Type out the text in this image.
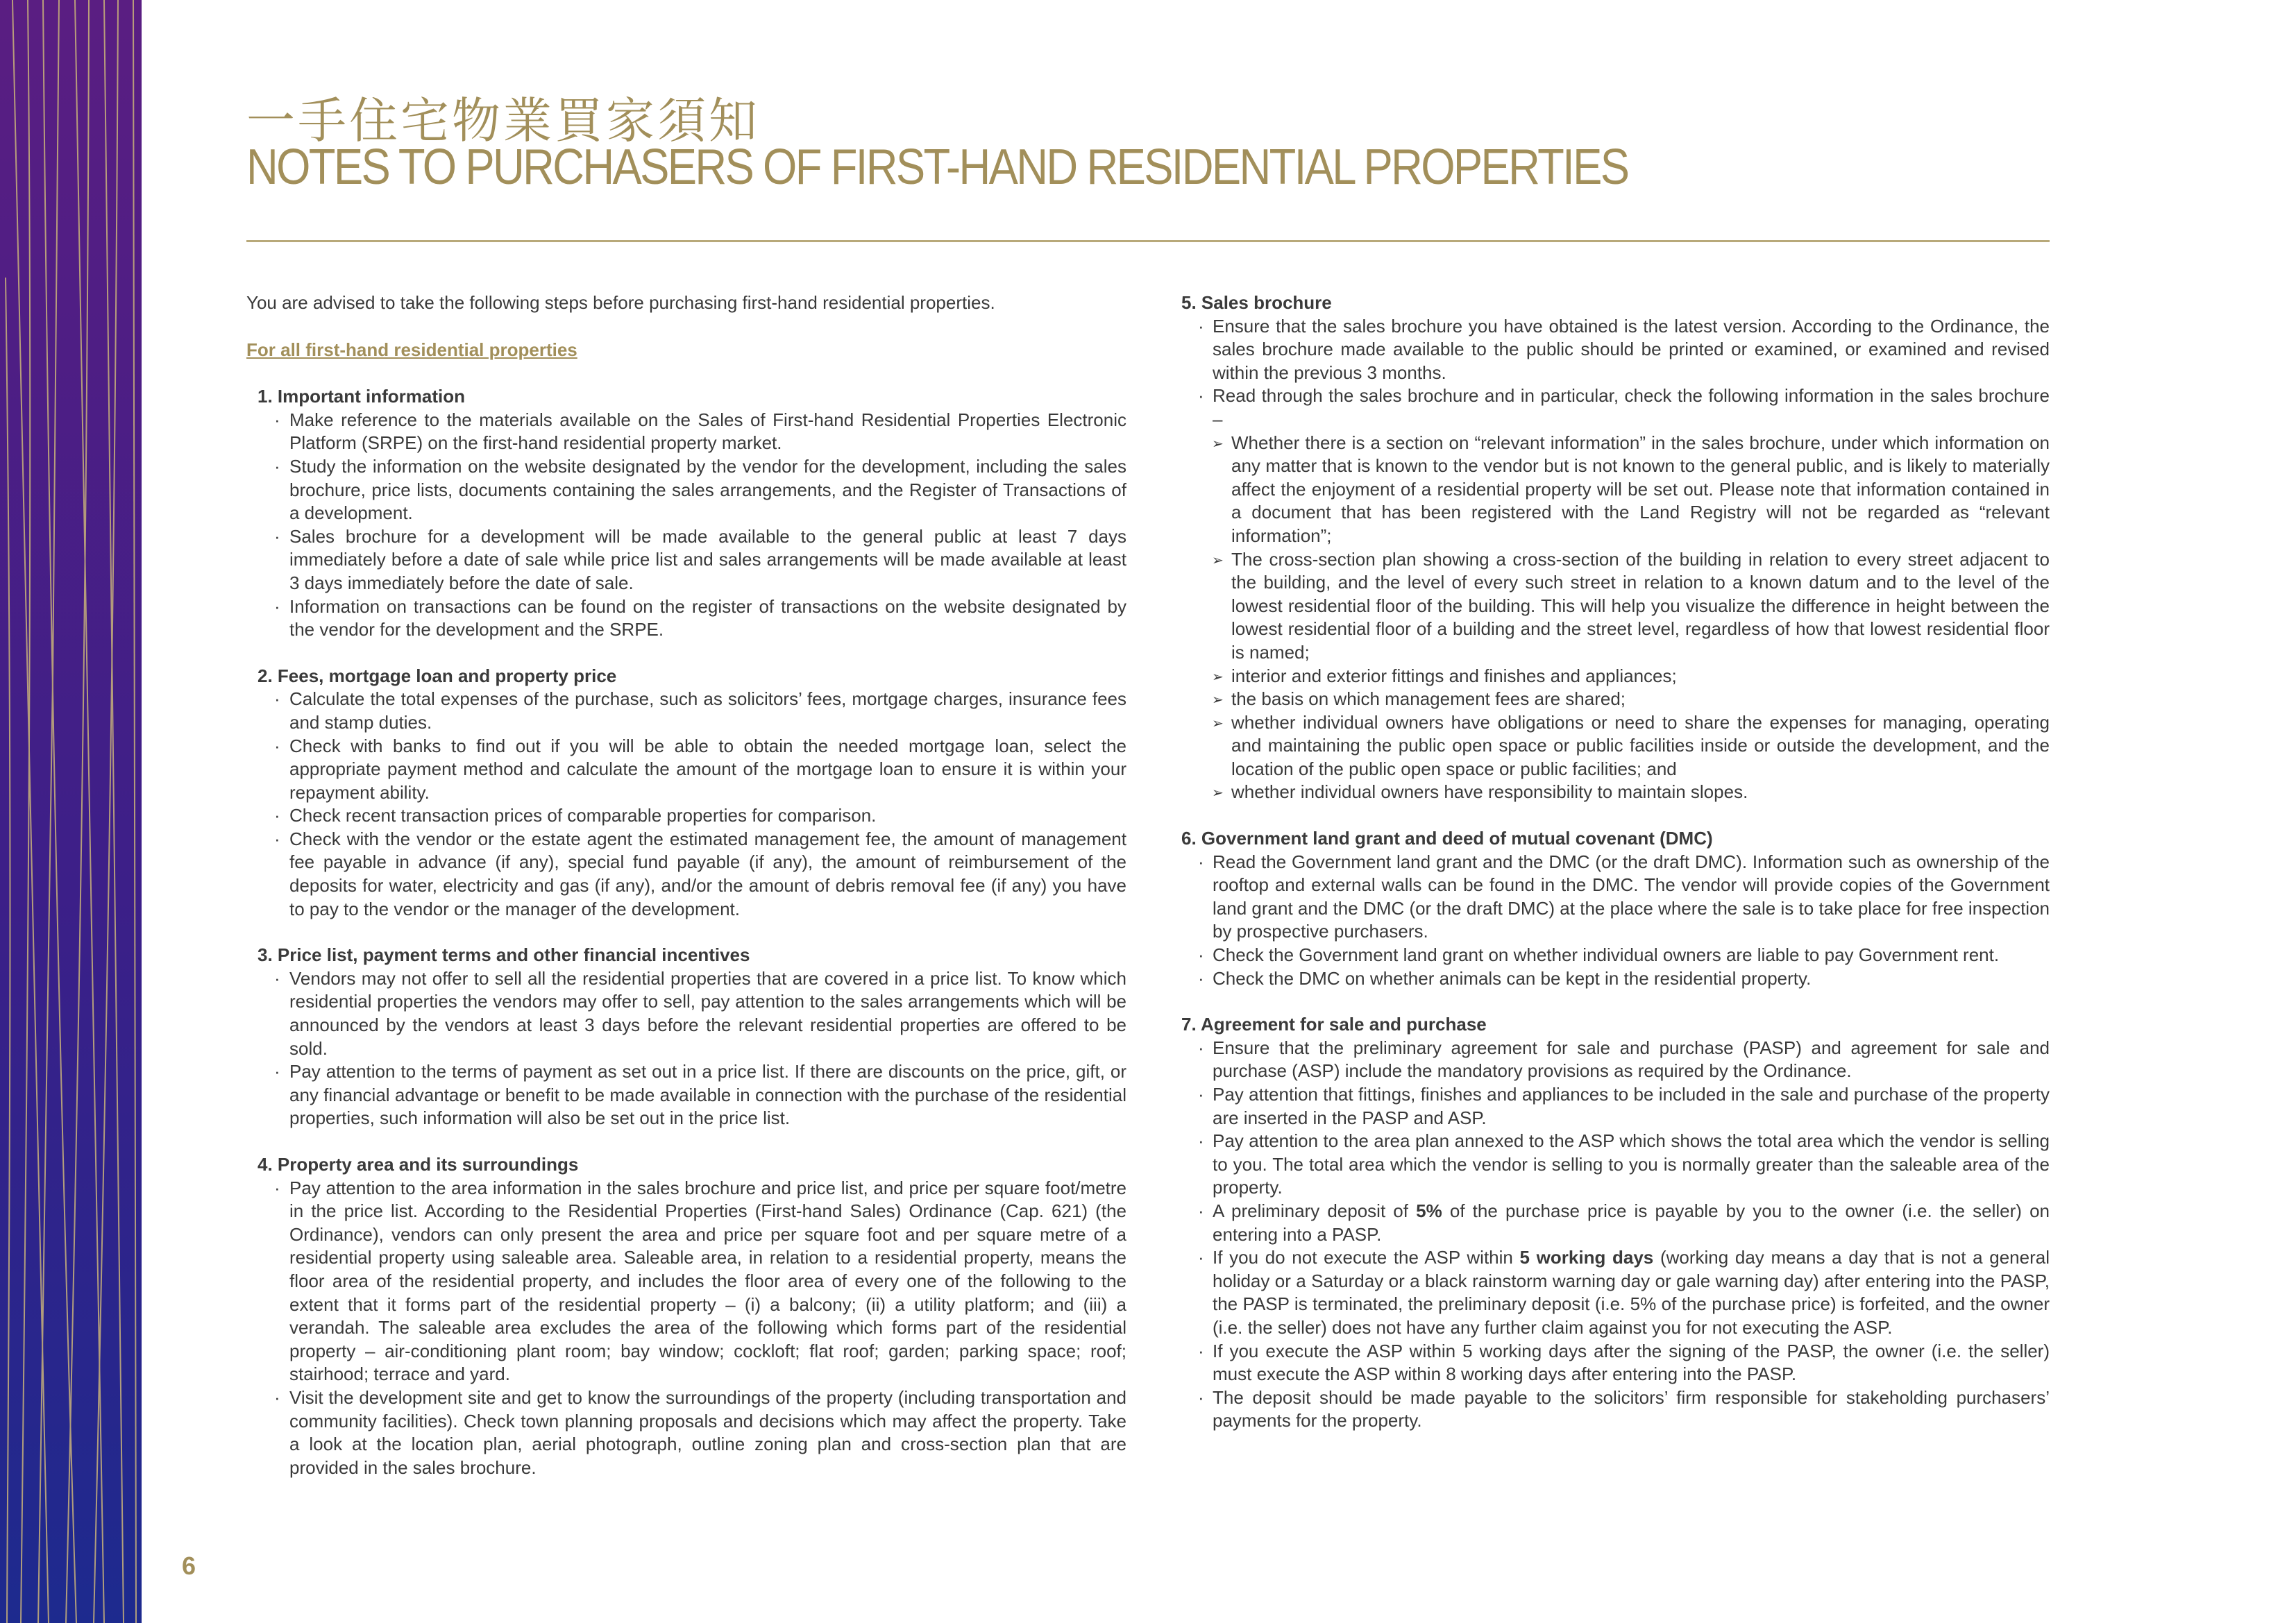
一手住宅物業買家須知
NOTES TO PURCHASERS OF FIRST-HAND RESIDENTIAL PROPERTIES

You are advised to take the following steps before purchasing first-hand residential properties.

For all first-hand residential properties

1. Important information

· Make reference to the materials available on the Sales of First-hand Residential Properties Electronic Platform (SRPE) on the first-hand residential property market.
· Study the information on the website designated by the vendor for the development, including the sales brochure, price lists, documents containing the sales arrangements, and the Register of Transactions of a development.
· Sales brochure for a development will be made available to the general public at least 7 days immediately before a date of sale while price list and sales arrangements will be made available at least 3 days immediately before the date of sale.
· Information on transactions can be found on the register of transactions on the website designated by the vendor for the development and the SRPE.

2. Fees, mortgage loan and property price

· Calculate the total expenses of the purchase, such as solicitors’ fees, mortgage charges, insurance fees and stamp duties.
· Check with banks to find out if you will be able to obtain the needed mortgage loan, select the appropriate payment method and calculate the amount of the mortgage loan to ensure it is within your repayment ability.
· Check recent transaction prices of comparable properties for comparison.
· Check with the vendor or the estate agent the estimated management fee, the amount of management fee payable in advance (if any), special fund payable (if any), the amount of reimbursement of the deposits for water, electricity and gas (if any), and/or the amount of debris removal fee (if any) you have to pay to the vendor or the manager of the development.

3. Price list, payment terms and other financial incentives

· Vendors may not offer to sell all the residential properties that are covered in a price list. To know which residential properties the vendors may offer to sell, pay attention to the sales arrangements which will be announced by the vendors at least 3 days before the relevant residential properties are offered to be sold.
· Pay attention to the terms of payment as set out in a price list. If there are discounts on the price, gift, or any financial advantage or benefit to be made available in connection with the purchase of the residential properties, such information will also be set out in the price list.

4. Property area and its surroundings

· Pay attention to the area information in the sales brochure and price list, and price per square foot/metre in the price list. According to the Residential Properties (First-hand Sales) Ordinance (Cap. 621) (the Ordinance), vendors can only present the area and price per square foot and per square metre of a residential property using saleable area. Saleable area, in relation to a residential property, means the floor area of the residential property, and includes the floor area of every one of the following to the extent that it forms part of the residential property – (i) a balcony; (ii) a utility platform; and (iii) a verandah. The saleable area excludes the area of the following which forms part of the residential property – air-conditioning plant room; bay window; cockloft; flat roof; garden; parking space; roof; stairhood; terrace and yard.
· Visit the development site and get to know the surroundings of the property (including transportation and community facilities). Check town planning proposals and decisions which may affect the property. Take a look at the location plan, aerial photograph, outline zoning plan and cross-section plan that are provided in the sales brochure.

5. Sales brochure

· Ensure that the sales brochure you have obtained is the latest version. According to the Ordinance, the sales brochure made available to the public should be printed or examined, or examined and revised within the previous 3 months.
· Read through the sales brochure and in particular, check the following information in the sales brochure –
➢ Whether there is a section on “relevant information” in the sales brochure, under which information on any matter that is known to the vendor but is not known to the general public, and is likely to materially affect the enjoyment of a residential property will be set out. Please note that information contained in a document that has been registered with the Land Registry will not be regarded as “relevant information”;
➢ The cross-section plan showing a cross-section of the building in relation to every street adjacent to the building, and the level of every such street in relation to a known datum and to the level of the lowest residential floor of the building. This will help you visualize the difference in height between the lowest residential floor of a building and the street level, regardless of how that lowest residential floor is named;
➢ interior and exterior fittings and finishes and appliances;
➢ the basis on which management fees are shared;
➢ whether individual owners have obligations or need to share the expenses for managing, operating and maintaining the public open space or public facilities inside or outside the development, and the location of the public open space or public facilities; and
➢ whether individual owners have responsibility to maintain slopes.

6. Government land grant and deed of mutual covenant (DMC)

· Read the Government land grant and the DMC (or the draft DMC). Information such as ownership of the rooftop and external walls can be found in the DMC. The vendor will provide copies of the Government land grant and the DMC (or the draft DMC) at the place where the sale is to take place for free inspection by prospective purchasers.
· Check the Government land grant on whether individual owners are liable to pay Government rent.
· Check the DMC on whether animals can be kept in the residential property.

7. Agreement for sale and purchase

· Ensure that the preliminary agreement for sale and purchase (PASP) and agreement for sale and purchase (ASP) include the mandatory provisions as required by the Ordinance.
· Pay attention that fittings, finishes and appliances to be included in the sale and purchase of the property are inserted in the PASP and ASP.
· Pay attention to the area plan annexed to the ASP which shows the total area which the vendor is selling to you. The total area which the vendor is selling to you is normally greater than the saleable area of the property.
· A preliminary deposit of 5% of the purchase price is payable by you to the owner (i.e. the seller) on entering into a PASP.
· If you do not execute the ASP within 5 working days (working day means a day that is not a general holiday or a Saturday or a black rainstorm warning day or gale warning day) after entering into the PASP, the PASP is terminated, the preliminary deposit (i.e. 5% of the purchase price) is forfeited, and the owner (i.e. the seller) does not have any further claim against you for not executing the ASP.
· If you execute the ASP within 5 working days after the signing of the PASP, the owner (i.e. the seller) must execute the ASP within 8 working days after entering into the PASP.
· The deposit should be made payable to the solicitors’ firm responsible for stakeholding purchasers’ payments for the property.
6
